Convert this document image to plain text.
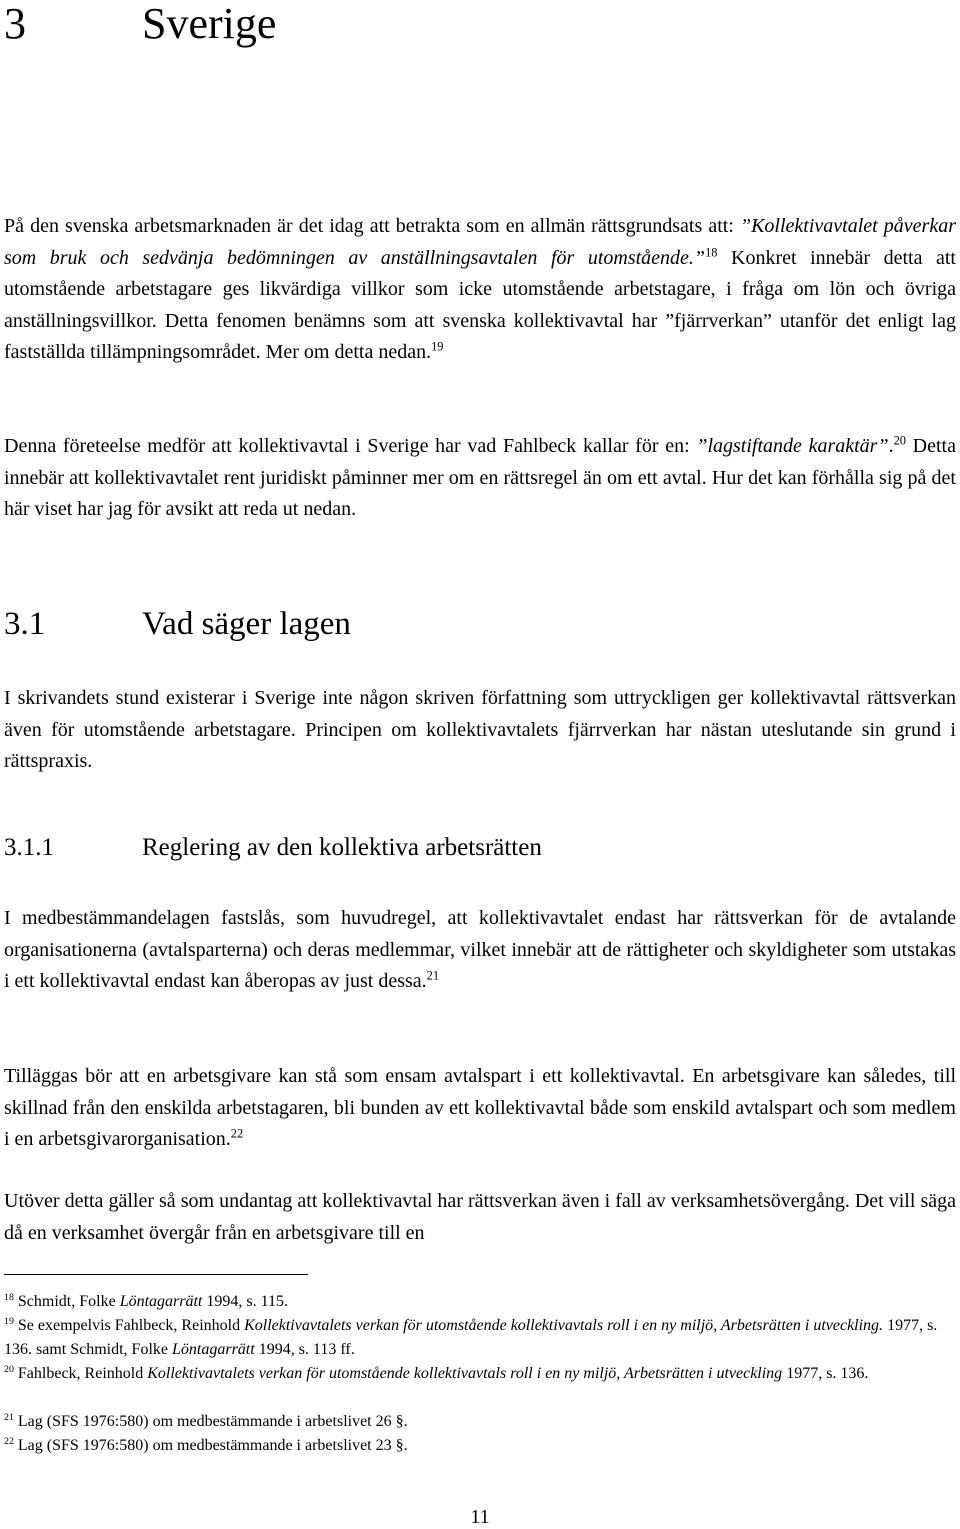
3	Sverige

På den svenska arbetsmarknaden är det idag att betrakta som en allmän rättsgrundsats att: ”Kollektivavtalet påverkar som bruk och sedvänja bedömningen av anställningsavtalen för utomstående.”$^{18}$ Konkret innebär detta att utomstående arbetstagare ges likvärdiga villkor som icke utomstående arbetstagare, i fråga om lön och övriga anställningsvillkor. Detta fenomen benämns som att svenska kollektivavtal har ”fjärrverkan” utanför det enligt lag fastställda tillämpningsområdet. Mer om detta nedan.$^{19}$

Denna företeelse medför att kollektivavtal i Sverige har vad Fahlbeck kallar för en: ”lagstiftande karaktär”.$^{20}$ Detta innebär att kollektivavtalet rent juridiskt påminner mer om en rättsregel än om ett avtal. Hur det kan förhålla sig på det här viset har jag för avsikt att reda ut nedan.

3.1	Vad säger lagen

I skrivandets stund existerar i Sverige inte någon skriven författning som uttryckligen ger kollektivavtal rättsverkan även för utomstående arbetstagare. Principen om kollektivavtalets fjärrverkan har nästan uteslutande sin grund i rättspraxis.

3.1.1	Reglering av den kollektiva arbetsrätten

I medbestämmandelagen fastslås, som huvudregel, att kollektivavtalet endast har rättsverkan för de avtalande organisationerna (avtalsparterna) och deras medlemmar, vilket innebär att de rättigheter och skyldigheter som utstakas i ett kollektivavtal endast kan åberopas av just dessa.$^{21}$

Tilläggas bör att en arbetsgivare kan stå som ensam avtalspart i ett kollektivavtal. En arbetsgivare kan således, till skillnad från den enskilda arbetstagaren, bli bunden av ett kollektivavtal både som enskild avtalspart och som medlem i en arbetsgivarorganisation.$^{22}$

Utöver detta gäller så som undantag att kollektivavtal har rättsverkan även i fall av verksamhetsövergång. Det vill säga då en verksamhet övergår från en arbetsgivare till en

$^{18}$ Schmidt, Folke Löntagarrätt 1994, s. 115.

$^{19}$ Se exempelvis Fahlbeck, Reinhold Kollektivavtalets verkan för utomstående kollektivavtals roll i en ny miljö, Arbetsrätten i utveckling. 1977, s. 136. samt Schmidt, Folke Löntagarrätt 1994, s. 113 ff.

$^{20}$ Fahlbeck, Reinhold Kollektivavtalets verkan för utomstående kollektivavtals roll i en ny miljö, Arbetsrätten i utveckling 1977, s. 136.

$^{21}$ Lag (SFS 1976:580) om medbestämmande i arbetslivet 26 §.

$^{22}$ Lag (SFS 1976:580) om medbestämmande i arbetslivet 23 §.

11
